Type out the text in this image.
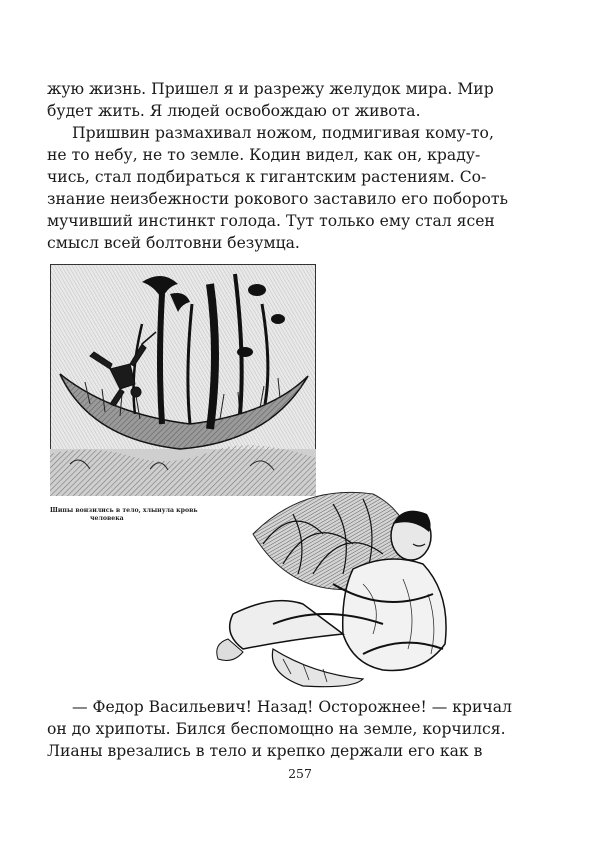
жую жизнь. Пришел я и разрежу желудок мира. Мир
будет жить. Я людей освобождаю от живота.

Пришвин размахивал ножом, подмигивая кому-то,
не то небу, не то земле. Кодин видел, как он, краду-
чись, стал подбираться к гигантским растениям. Со-
знание неизбежности рокового заставило его побороть
мучивший инстинкт голода. Тут только ему стал ясен
смысл всей болтовни безумца.

Шипы вонзились в тело, хлынула кровь
человека

— Федор Васильевич! Назад! Осторожнее! — кричал
он до хрипоты. Бился беспомощно на земле, корчился.
Лианы врезались в тело и крепко держали его как в

257
